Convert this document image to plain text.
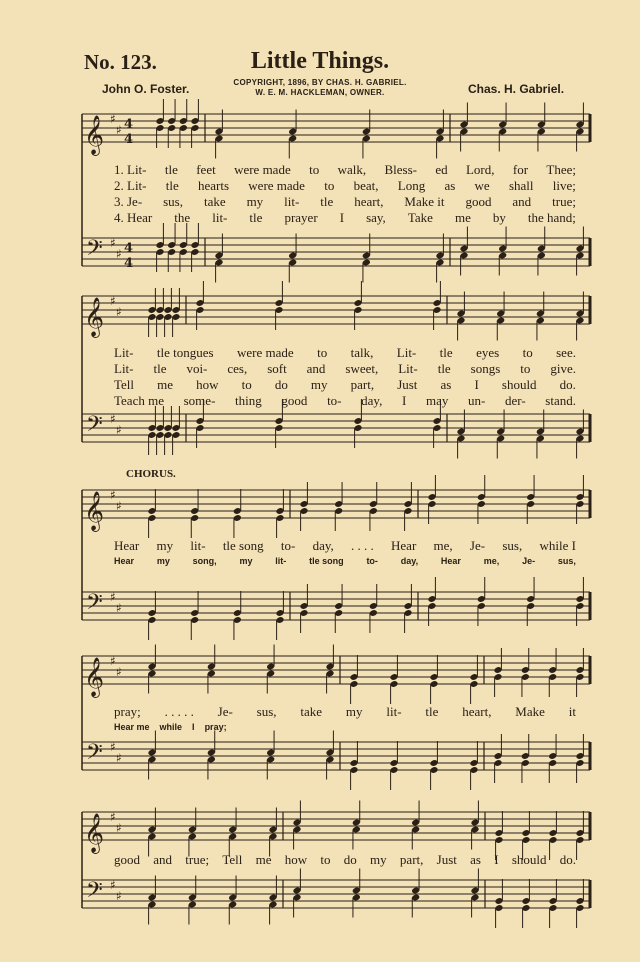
No. 123.	Little Things.
John O. Foster.	Chas. H. Gabriel.
COPYRIGHT, 1896, BY CHAS. H. GABRIEL.
W. E. M. HACKLEMAN, OWNER.
𝄞 ♯
♯ 4
4
𝄢 ♯
♯ 4
4
𝄞 ♯
♯
𝄢 ♯
♯
𝄞 ♯
♯
𝄢 ♯
♯
𝄞 ♯
♯
𝄢 ♯
♯
𝄞 ♯
♯
𝄢 ♯
♯
1. Lit- tle feet were made to walk, Bless- ed Lord, for Thee;
2. Lit- tle hearts were made to beat, Long as we shall live;
3. Je- sus, take my lit- tle heart, Make it good and true;
4. Hear the lit- tle prayer I say, Take me by the hand;
Lit- tle tongues were made to talk, Lit- tle eyes to see.
Lit- tle voi- ces, soft and sweet, Lit- tle songs to give.
Tell me how to do my part, Just as I should do.
Teach me some- thing good to- day, I may un- der- stand.
CHORUS.
Hear my lit- tle song to- day, . . . . Hear me, Je- sus, while I
Hear	my	song,	my	lit-	tle song	to-	day,	Hear	me,	Je-	sus,
pray; . . . . . Je- sus, take my lit- tle heart, Make it
Hear me while I pray;
good and true; Tell me how to do my part, Just as I should do.
